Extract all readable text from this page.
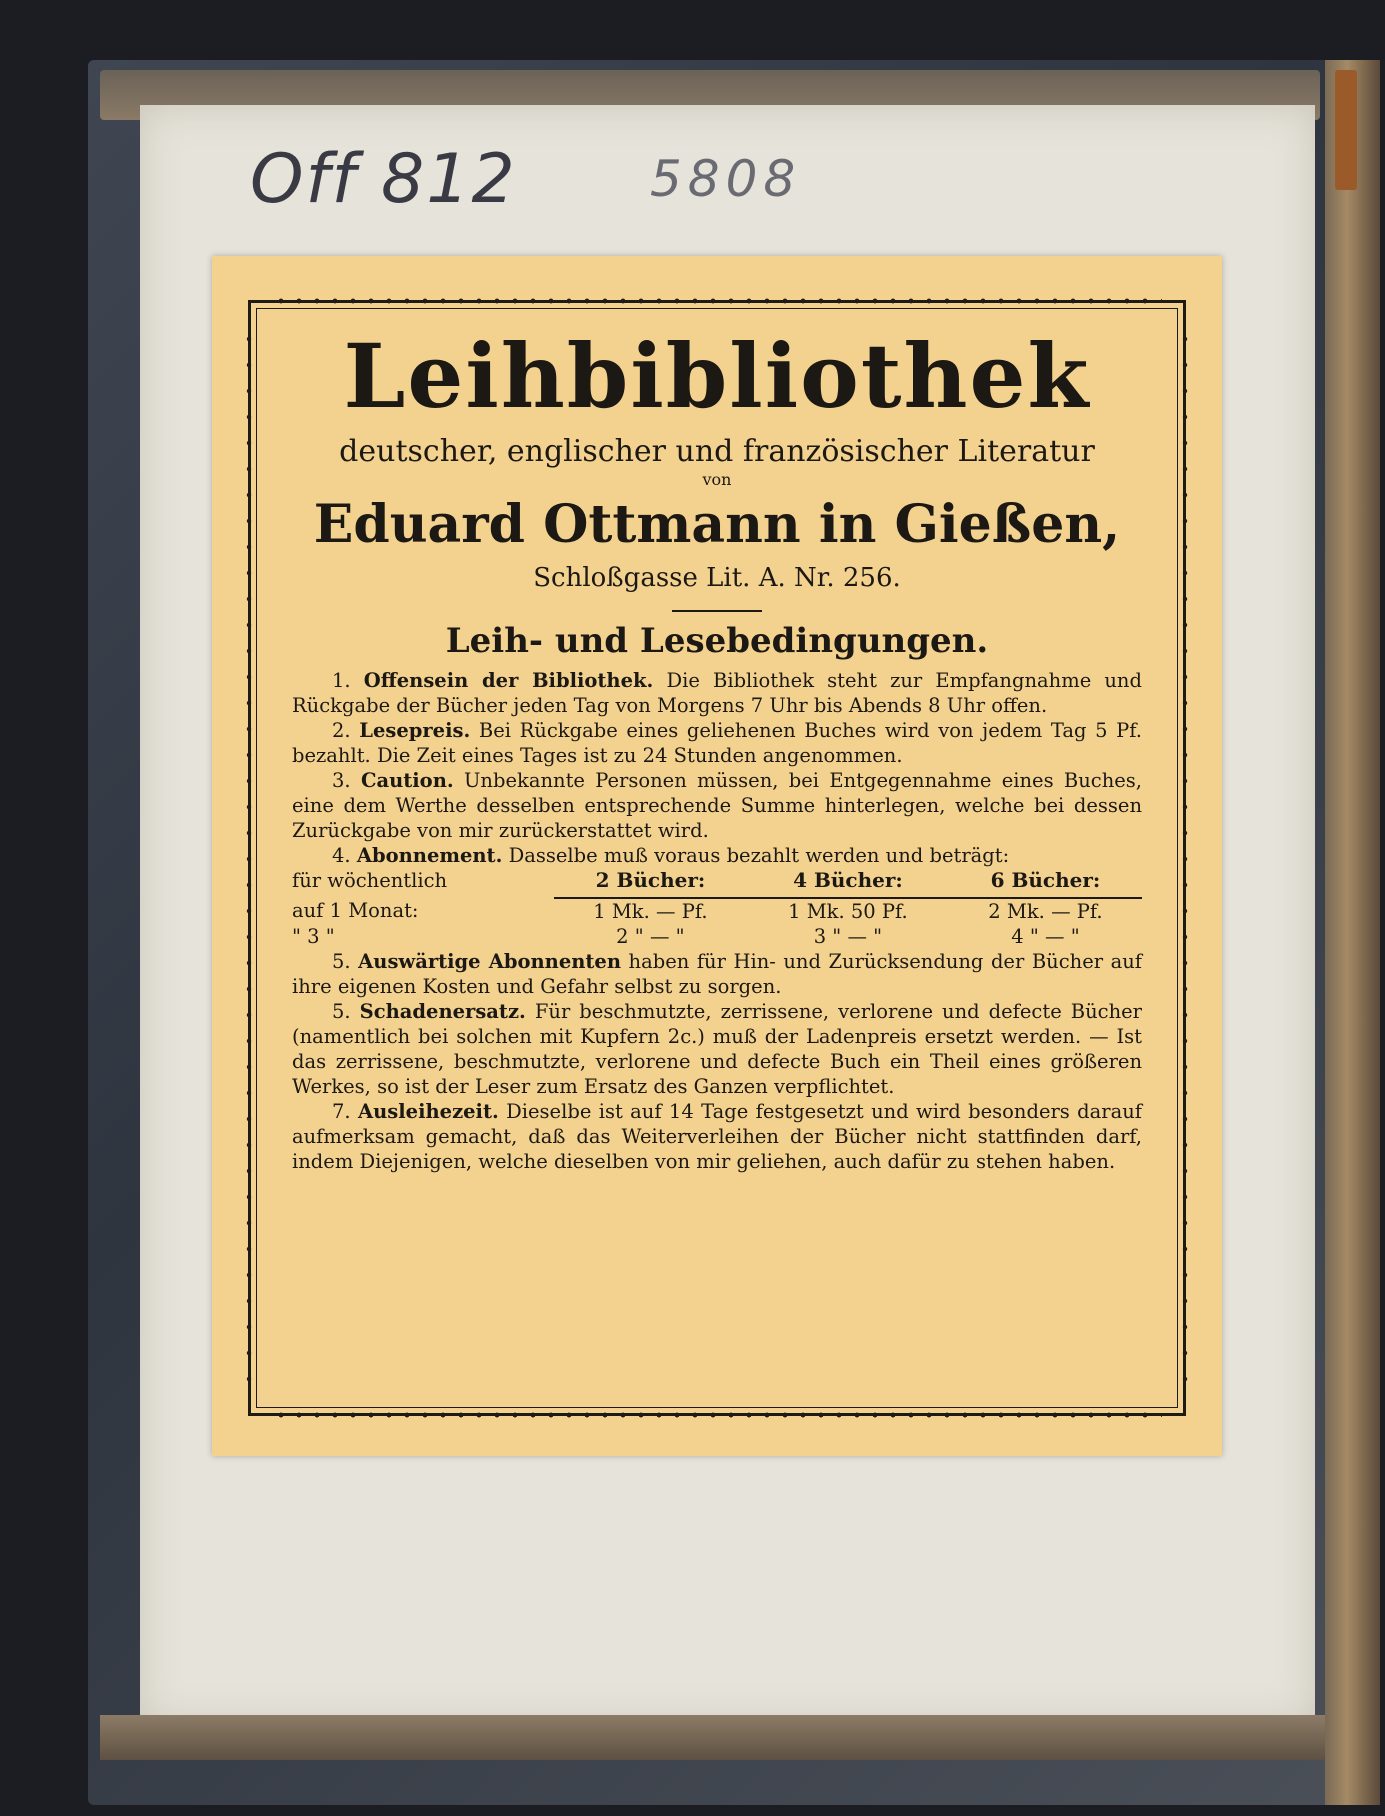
Off 812	5808
Leihbibliothek

deutscher, englischer und französischer Literatur

von

Eduard Ottmann in Gießen,

Schloßgasse Lit. A. Nr. 256.

Leih- und Lesebedingungen.

1. Offensein der Bibliothek. Die Bibliothek steht zur Empfangnahme und Rückgabe der Bücher jeden Tag von Morgens 7 Uhr bis Abends 8 Uhr offen.

2. Lesepreis. Bei Rückgabe eines geliehenen Buches wird von jedem Tag 5 Pf. bezahlt. Die Zeit eines Tages ist zu 24 Stunden angenommen.

3. Caution. Unbekannte Personen müssen, bei Entgegennahme eines Buches, eine dem Werthe desselben entsprechende Summe hinterlegen, welche bei dessen Zurückgabe von mir zurückerstattet wird.

4. Abonnement. Dasselbe muß voraus bezahlt werden und beträgt:

für wöchentlich	2 Bücher:	4 Bücher:	6 Bücher:
auf 1 Monat:	1 Mk. — Pf.	1 Mk. 50 Pf.	2 Mk. — Pf.
" 3 "	2 " — "	3 " — "	4 " — "

5. Auswärtige Abonnenten haben für Hin- und Zurücksendung der Bücher auf ihre eigenen Kosten und Gefahr selbst zu sorgen.

5. Schadenersatz. Für beschmutzte, zerrissene, verlorene und defecte Bücher (namentlich bei solchen mit Kupfern 2c.) muß der Ladenpreis ersetzt werden. — Ist das zerrissene, beschmutzte, verlorene und defecte Buch ein Theil eines größeren Werkes, so ist der Leser zum Ersatz des Ganzen verpflichtet.

7. Ausleihezeit. Dieselbe ist auf 14 Tage festgesetzt und wird besonders darauf aufmerksam gemacht, daß das Weiterverleihen der Bücher nicht stattfinden darf, indem Diejenigen, welche dieselben von mir geliehen, auch dafür zu stehen haben.
